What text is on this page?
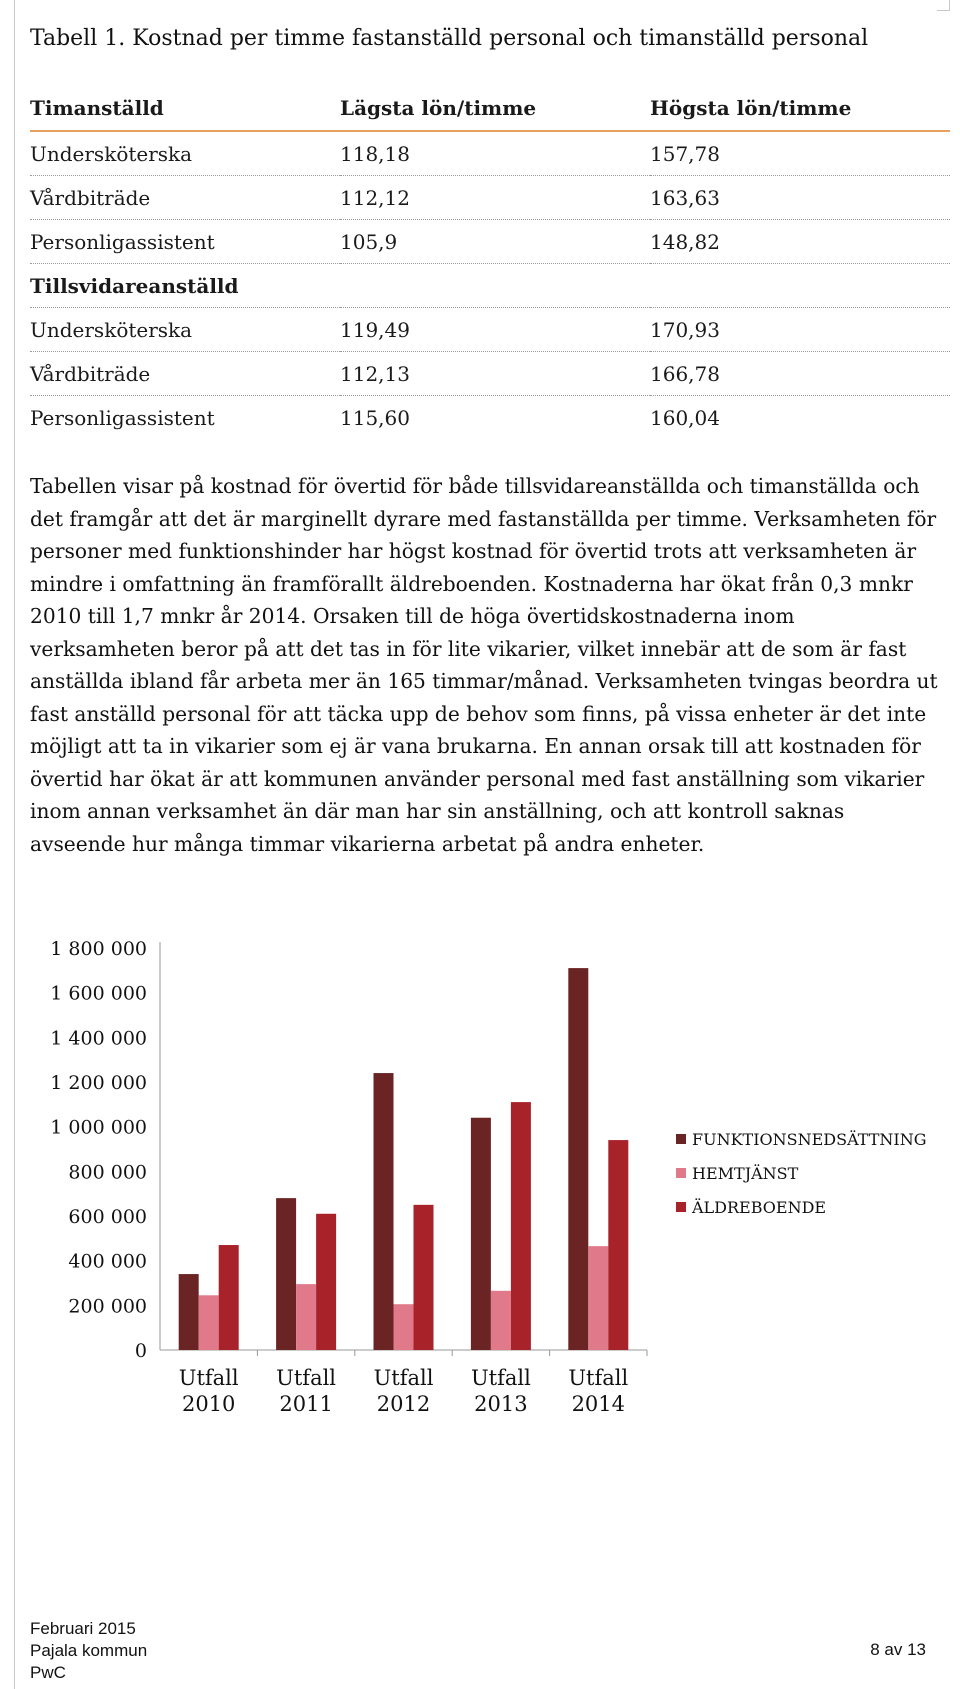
Tabell 1. Kostnad per timme fastanställd personal och timanställd personal
Timanställd	Lägsta lön/timme	Högsta lön/timme
Undersköterska	118,18	157,78
Vårdbiträde	112,12	163,63
Personligassistent	105,9	148,82
Tillsvidareanställd		
Undersköterska	119,49	170,93
Vårdbiträde	112,13	166,78
Personligassistent	115,60	160,04

Tabellen visar på kostnad för övertid för både tillsvidareanställda och timanställda och det framgår att det är marginellt dyrare med fastanställda per timme. Verksamheten för personer med funktionshinder har högst kostnad för övertid trots att verksamheten är mindre i omfattning än framförallt äldreboenden. Kostnaderna har ökat från 0,3 mnkr 2010 till 1,7 mnkr år 2014. Orsaken till de höga övertidskostnaderna inom verksamheten beror på att det tas in för lite vikarier, vilket innebär att de som är fast anställda ibland får arbeta mer än 165 timmar/månad. Verksamheten tvingas beordra ut fast anställd personal för att täcka upp de behov som finns, på vissa enheter är det inte möjligt att ta in vikarier som ej är vana brukarna. En annan orsak till att kostnaden för övertid har ökat är att kommunen använder personal med fast anställning som vikarier inom annan verksamhet än där man har sin anställning, och att kontroll saknas avseende hur många timmar vikarierna arbetat på andra enheter.

0
200 000
400 000
600 000
800 000
1 000 000
1 200 000
1 400 000
1 600 000
1 800 000
Utfall
2010
Utfall
2011
Utfall
2012
Utfall
2013
Utfall
2014
FUNKTIONSNEDSÄTTNING
HEMTJÄNST
ÄLDREBOENDE
Februari 2015
Pajala kommun
PwC
8 av 13
